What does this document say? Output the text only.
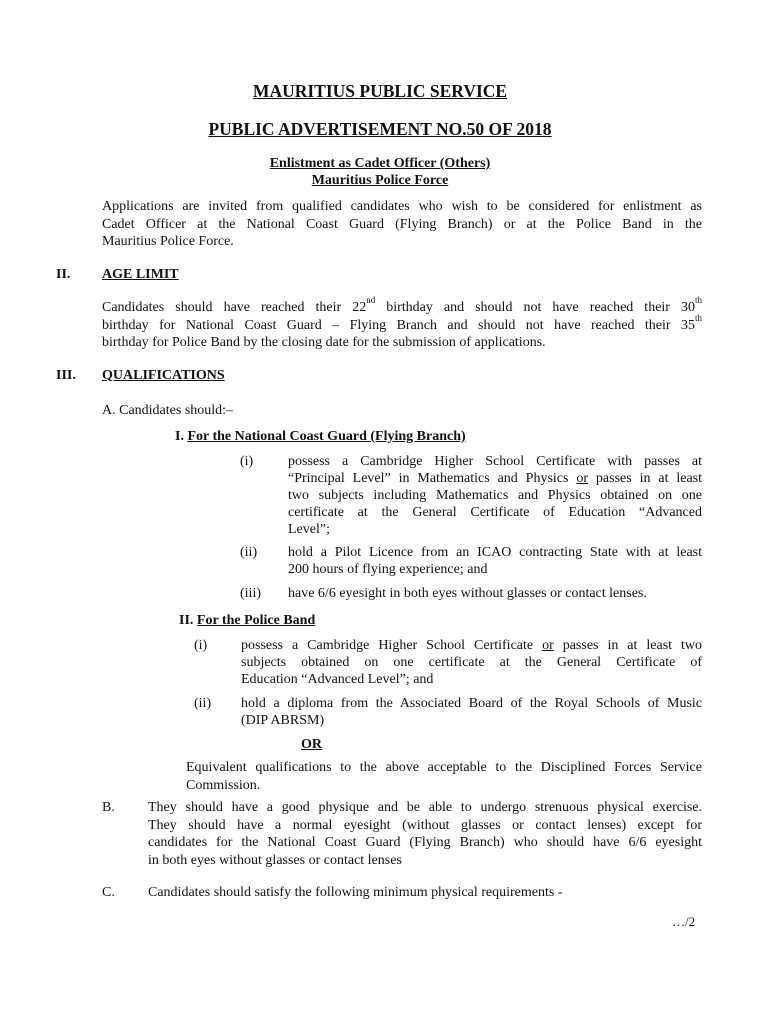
MAURITIUS PUBLIC SERVICE
PUBLIC ADVERTISEMENT NO.50 OF 2018
Enlistment as Cadet Officer (Others)
Mauritius Police Force
Applications are invited from qualified candidates who wish to be considered for enlistment as
Cadet Officer at the National Coast Guard (Flying Branch) or at the Police Band in the
Mauritius Police Force.
II. AGE LIMIT
Candidates should have reached their 22nd birthday and should not have reached their 30th
birthday for National Coast Guard – Flying Branch and should not have reached their 35th
birthday for Police Band by the closing date for the submission of applications.
III. QUALIFICATIONS
A. Candidates should:–
I. For the National Coast Guard (Flying Branch)
(i) possess a Cambridge Higher School Certificate with passes at
“Principal Level” in Mathematics and Physics or passes in at least
two subjects including Mathematics and Physics obtained on one
certificate at the General Certificate of Education “Advanced
Level”;
(ii) hold a Pilot Licence from an ICAO contracting State with at least
200 hours of flying experience; and
(iii) have 6/6 eyesight in both eyes without glasses or contact lenses.
II. For the Police Band
(i) possess a Cambridge Higher School Certificate or passes in at least two
subjects obtained on one certificate at the General Certificate of
Education “Advanced Level”; and
(ii) hold a diploma from the Associated Board of the Royal Schools of Music
(DIP ABRSM)
OR
Equivalent qualifications to the above acceptable to the Disciplined Forces Service
Commission.
B. They should have a good physique and be able to undergo strenuous physical exercise.
They should have a normal eyesight (without glasses or contact lenses) except for
candidates for the National Coast Guard (Flying Branch) who should have 6/6 eyesight
in both eyes without glasses or contact lenses
C. Candidates should satisfy the following minimum physical requirements -
…/2
